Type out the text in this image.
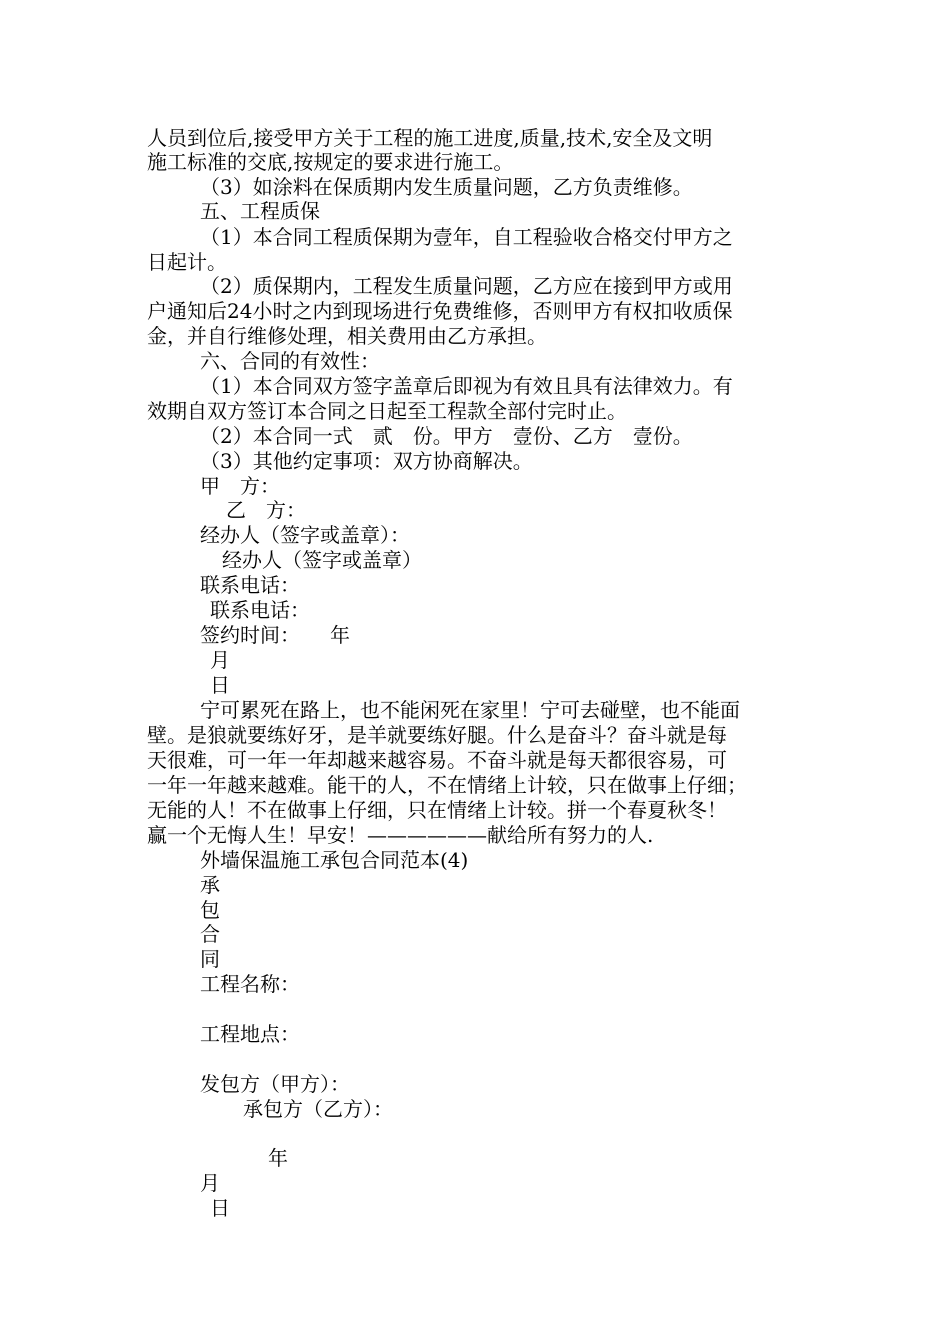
人员到位后,接受甲方关于工程的施工进度,质量,技术,安全及文明

施工标准的交底,按规定的要求进行施工。

（3）如涂料在保质期内发生质量问题，乙方负责维修。

五、工程质保

（1）本合同工程质保期为壹年，自工程验收合格交付甲方之

日起计。

（2）质保期内，工程发生质量问题，乙方应在接到甲方或用

户通知后24小时之内到现场进行免费维修，否则甲方有权扣收质保

金，并自行维修处理，相关费用由乙方承担。

六、合同的有效性：

（1）本合同双方签字盖章后即视为有效且具有法律效力。有

效期自双方签订本合同之日起至工程款全部付完时止。

（2）本合同一式　贰　份。甲方　壹份、乙方　壹份。

（3）其他约定事项：双方协商解决。

甲　方：

乙　方：

经办人（签字或盖章）：

经办人（签字或盖章）

联系电话：

联系电话：

签约时间：　　年

月

日

宁可累死在路上，也不能闲死在家里！宁可去碰壁，也不能面

壁。是狼就要练好牙，是羊就要练好腿。什么是奋斗？奋斗就是每

天很难，可一年一年却越来越容易。不奋斗就是每天都很容易，可

一年一年越来越难。能干的人，不在情绪上计较，只在做事上仔细；

无能的人！不在做事上仔细，只在情绪上计较。拼一个春夏秋冬！

赢一个无悔人生！早安！——————献给所有努力的人.

外墙保温施工承包合同范本(4)

承

包

合

同

工程名称：

工程地点：

发包方（甲方）：

承包方（乙方）：

年

月

日
